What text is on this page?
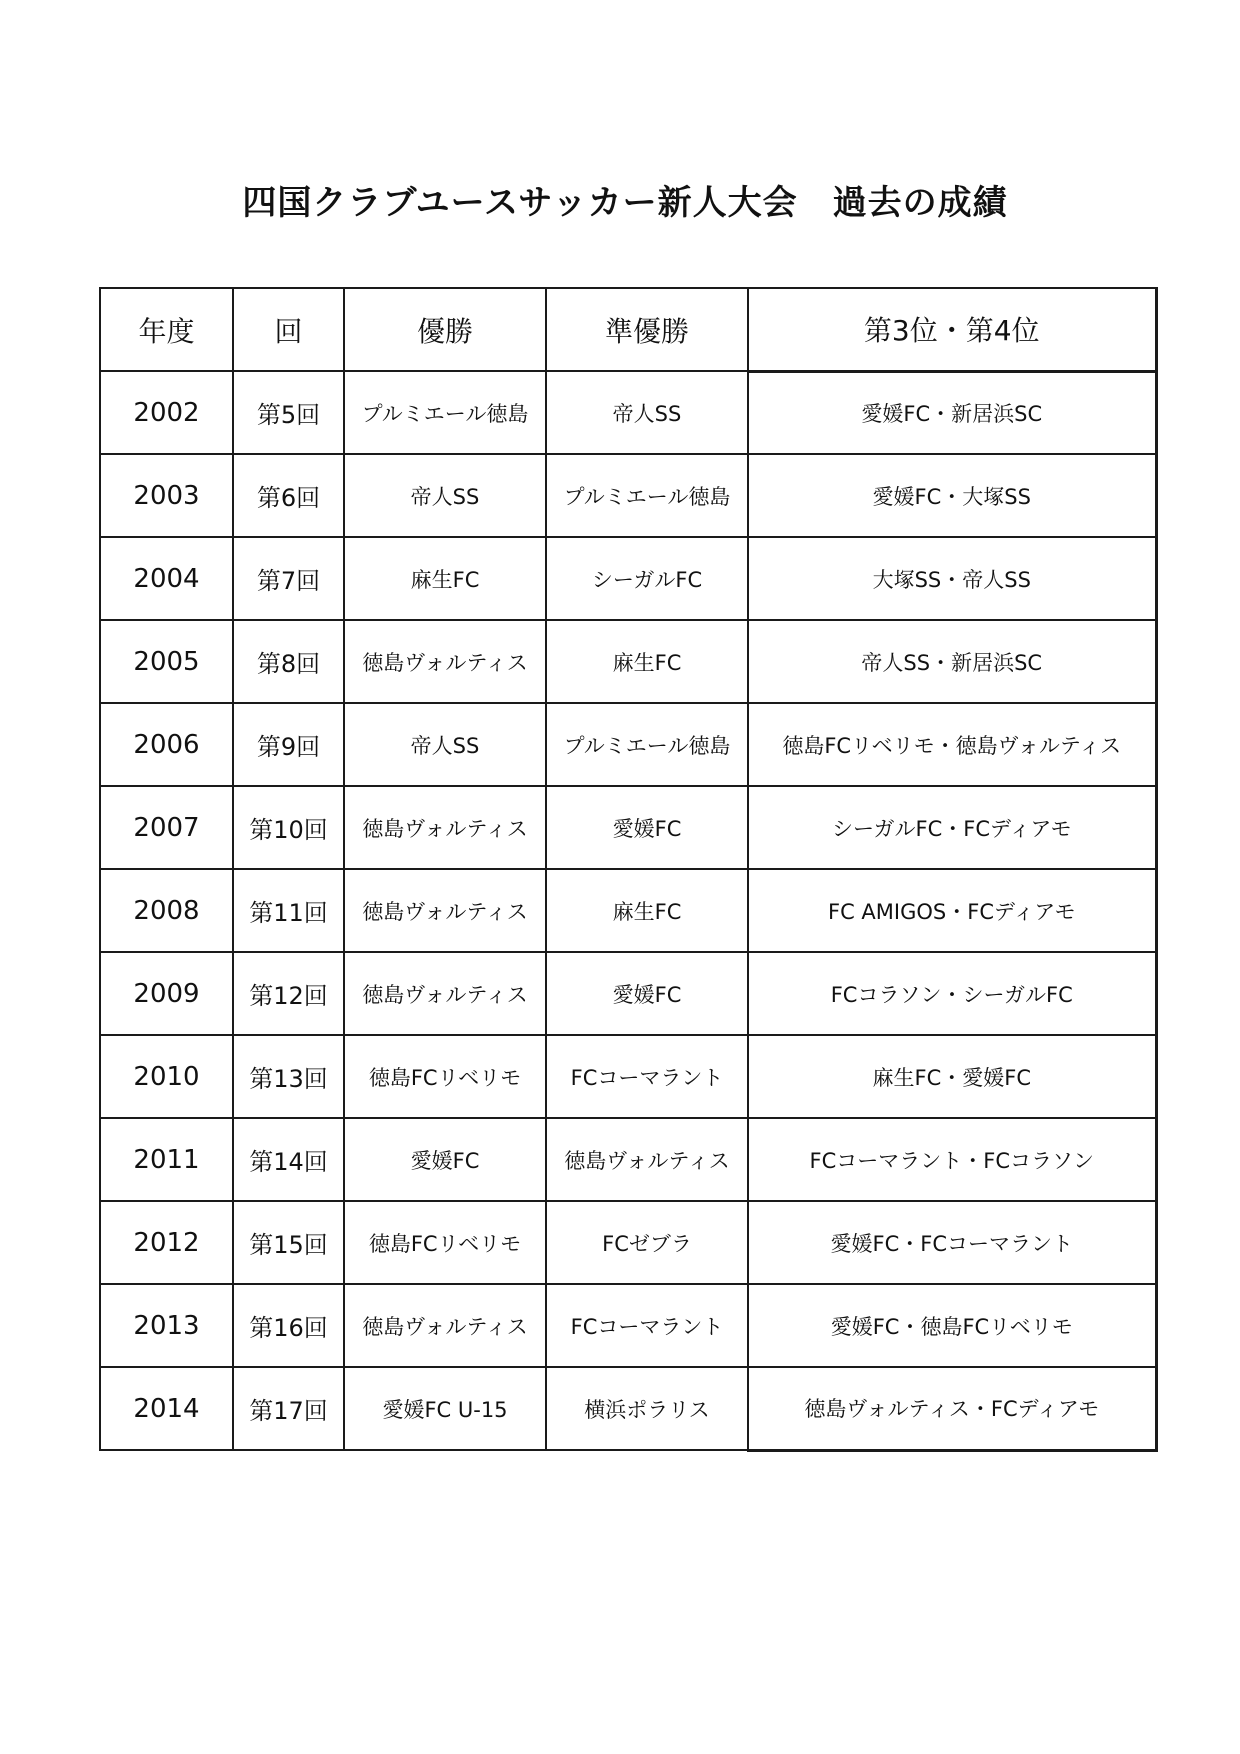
四国クラブユースサッカー新人大会　過去の成績
年度	回	優勝	準優勝	第3位・第4位
2002	第5回	プルミエール徳島	帝人SS	愛媛FC・新居浜SC
2003	第6回	帝人SS	プルミエール徳島	愛媛FC・大塚SS
2004	第7回	麻生FC	シーガルFC	大塚SS・帝人SS
2005	第8回	徳島ヴォルティス	麻生FC	帝人SS・新居浜SC
2006	第9回	帝人SS	プルミエール徳島	徳島FCリベリモ・徳島ヴォルティス
2007	第10回	徳島ヴォルティス	愛媛FC	シーガルFC・FCディアモ
2008	第11回	徳島ヴォルティス	麻生FC	FC AMIGOS・FCディアモ
2009	第12回	徳島ヴォルティス	愛媛FC	FCコラソン・シーガルFC
2010	第13回	徳島FCリベリモ	FCコーマラント	麻生FC・愛媛FC
2011	第14回	愛媛FC	徳島ヴォルティス	FCコーマラント・FCコラソン
2012	第15回	徳島FCリベリモ	FCゼブラ	愛媛FC・FCコーマラント
2013	第16回	徳島ヴォルティス	FCコーマラント	愛媛FC・徳島FCリベリモ
2014	第17回	愛媛FC U-15	横浜ポラリス	徳島ヴォルティス・FCディアモ
